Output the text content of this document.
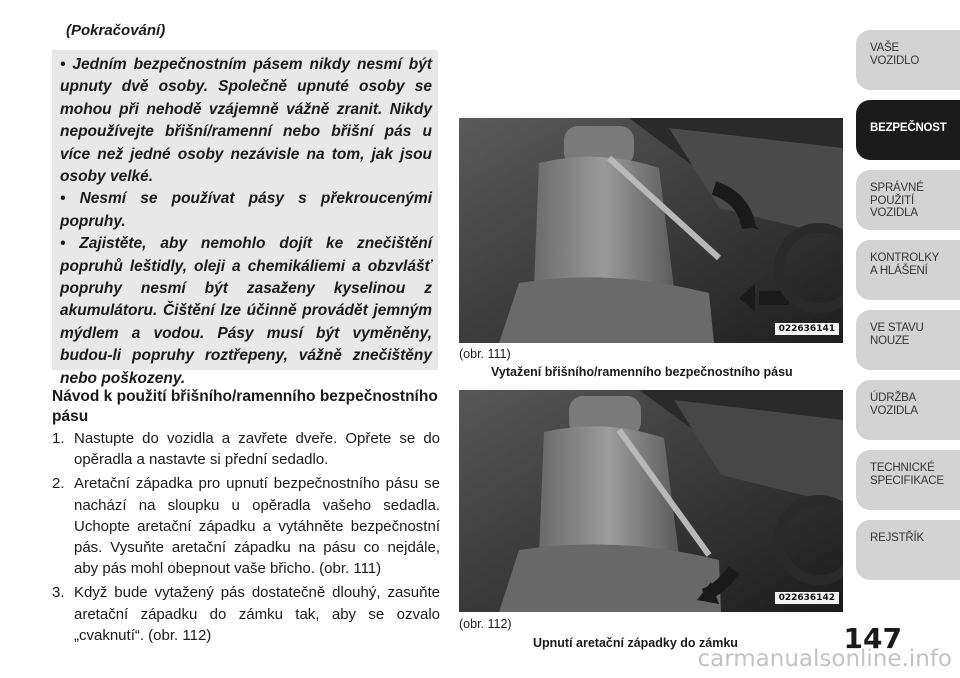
(Pokračování)

• Jedním bezpečnostním pásem nikdy nesmí být upnuty dvě osoby. Společně upnuté osoby se mohou při nehodě vzájemně vážně zranit. Nikdy nepoužívejte břišní/ramenní nebo břišní pás u více než jedné osoby nezávisle na tom, jak jsou osoby velké.

• Nesmí se používat pásy s překroucenými popruhy.

• Zajistěte, aby nemohlo dojít ke znečištění popruhů leštidly, oleji a chemikáliemi a obzvlášť popruhy nesmí být zasaženy kyselinou z akumulátoru. Čištění lze účinně provádět jemným mýdlem a vodou. Pásy musí být vyměněny, budou-li popruhy roztřepeny, vážně znečištěny nebo poškozeny.

Návod k použití břišního/ramenního bezpečnostního pásu
1. Nastupte do vozidla a zavřete dveře. Opřete se do opěradla a nastavte si přední sedadlo.
2. Aretační západka pro upnutí bezpečnostního pásu se nachází na sloupku u opěradla vašeho sedadla. Uchopte aretační západku a vytáhněte bezpečnostní pás. Vysuňte aretační západku na pásu co nejdále, aby pás mohl obepnout vaše břicho. (obr. 111)
3. Když bude vytažený pás dostatečně dlouhý, zasuňte aretační západku do zámku tak, aby se ozvalo „cvaknutí“. (obr. 112)
022636141
(obr. 111)
Vytažení břišního/ramenního bezpečnostního pásu
022636142
(obr. 112)
Upnutí aretační západky do zámku
VAŠE
VOZIDLO
BEZPEČNOST
SPRÁVNÉ
POUŽITÍ
VOZIDLA
KONTROLKY
A HLÁŠENÍ
VE STAVU
NOUZE
ÚDRŽBA
VOZIDLA
TECHNICKÉ
SPECIFIKACE
REJSTŘÍK
147
carmanualsonline.info
